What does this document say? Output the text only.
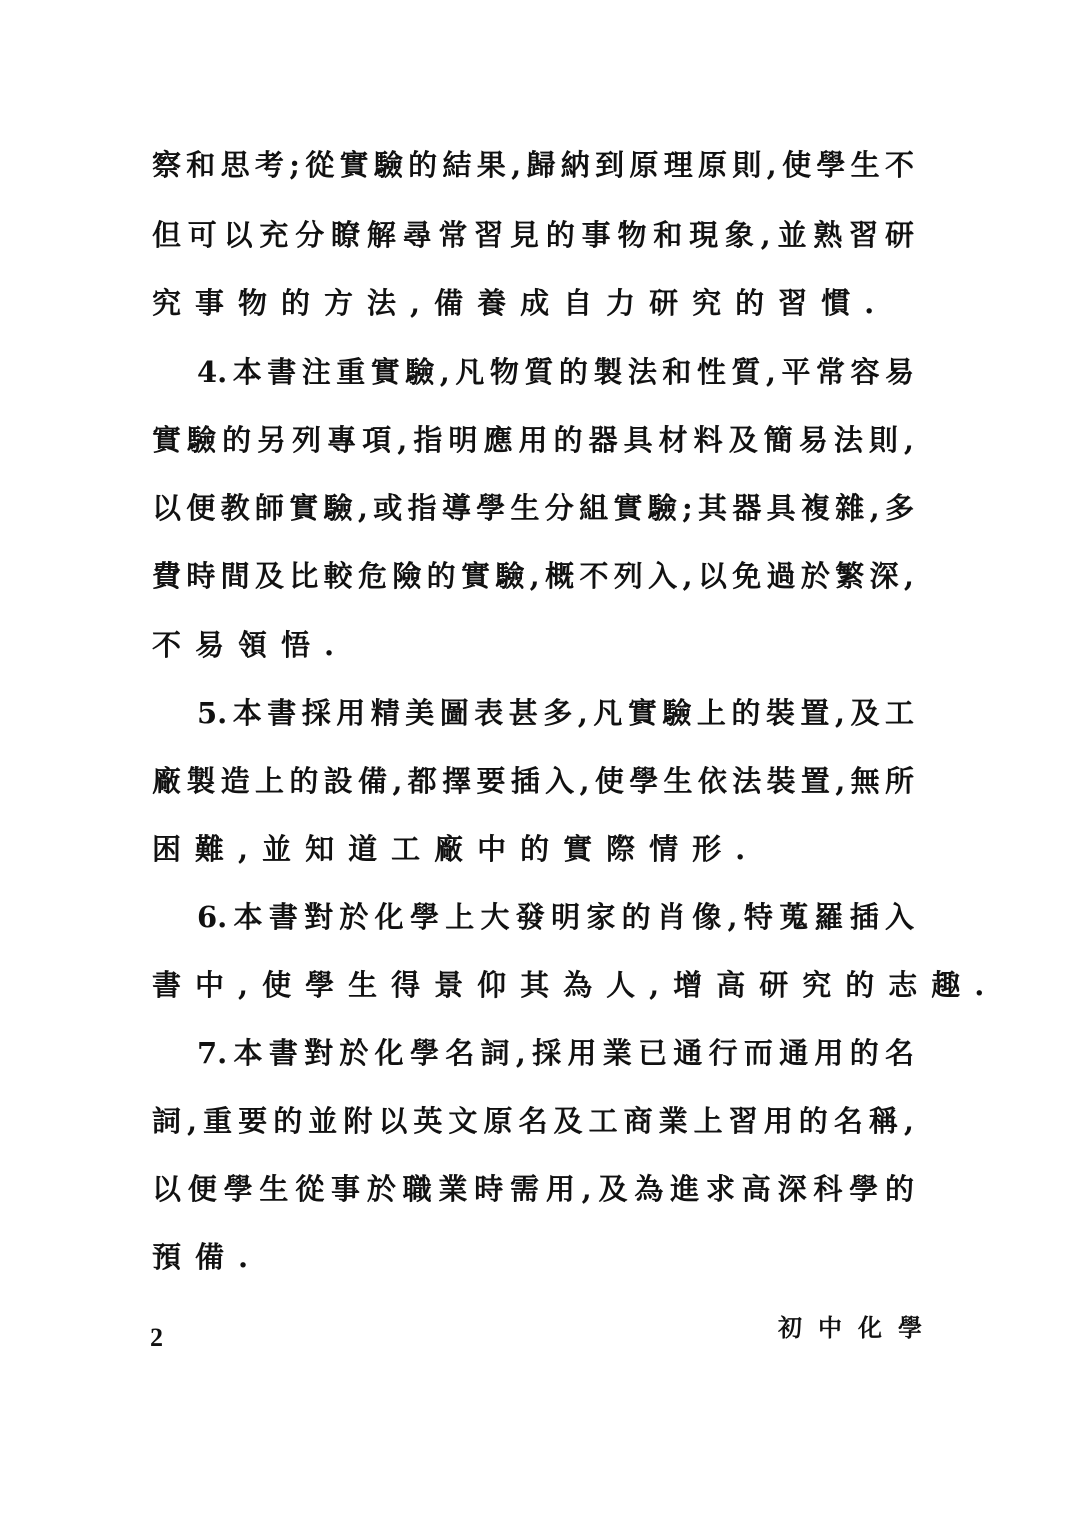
察和思考;從實驗的結果,歸納到原理原則,使學生不
但可以充分瞭解尋常習見的事物和現象,並熟習研
究事物的方法,備養成自力研究的習慣.
4.本書注重實驗,凡物質的製法和性質,平常容易
實驗的另列專項,指明應用的器具材料及簡易法則,
以便教師實驗,或指導學生分組實驗;其器具複雜,多
費時間及比較危險的實驗,概不列入,以免過於繁深,
不易領悟.
5.本書採用精美圖表甚多,凡實驗上的裝置,及工
廠製造上的設備,都擇要插入,使學生依法裝置,無所
困難,並知道工廠中的實際情形.
6.本書對於化學上大發明家的肖像,特蒐羅插入
書中,使學生得景仰其為人,增高研究的志趣.
7.本書對於化學名詞,採用業已通行而通用的名
詞,重要的並附以英文原名及工商業上習用的名稱,
以便學生從事於職業時需用,及為進求高深科學的
預備.
2	初中化學
